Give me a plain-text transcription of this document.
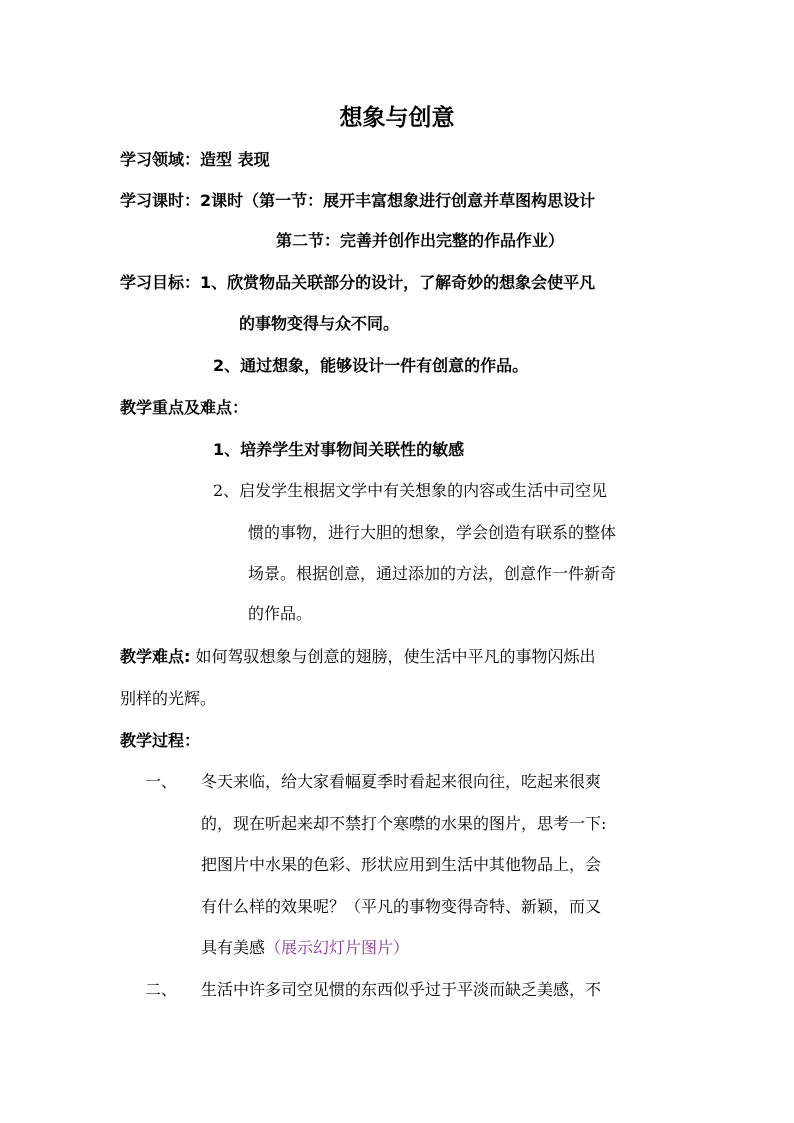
想象与创意
学习领域：造型 表现
学习课时：2课时（第一节：展开丰富想象进行创意并草图构思设计
第二节：完善并创作出完整的作品作业）
学习目标：1、欣赏物品关联部分的设计，了解奇妙的想象会使平凡
的事物变得与众不同。
2、通过想象，能够设计一件有创意的作品。
教学重点及难点：
1、培养学生对事物间关联性的敏感
2、启发学生根据文学中有关想象的内容或生活中司空见
惯的事物，进行大胆的想象，学会创造有联系的整体
场景。根据创意，通过添加的方法，创意作一件新奇
的作品。
教学难点: 如何驾驭想象与创意的翅膀，使生活中平凡的事物闪烁出
别样的光辉。
教学过程：
一、 冬天来临，给大家看幅夏季时看起来很向往，吃起来很爽
的，现在听起来却不禁打个寒噤的水果的图片，思考一下:
把图片中水果的色彩、形状应用到生活中其他物品上，会
有什么样的效果呢？（平凡的事物变得奇特、新颖，而又
具有美感（展示幻灯片图片）
二、 生活中许多司空见惯的东西似乎过于平淡而缺乏美感，不
